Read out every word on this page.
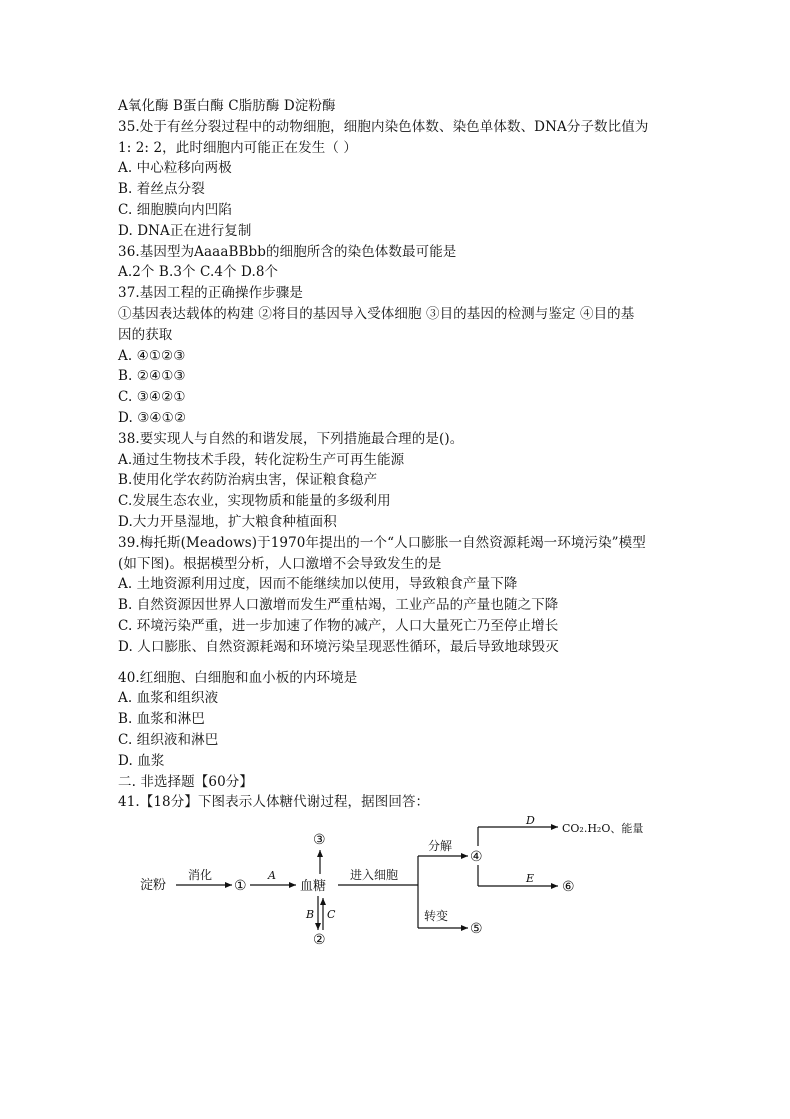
A氧化酶 B蛋白酶 C脂肪酶 D淀粉酶
35.处于有丝分裂过程中的动物细胞，细胞内染色体数、染色单体数、DNA分子数比值为
1: 2: 2，此时细胞内可能正在发生（ ）
A. 中心粒移向两极
B. 着丝点分裂
C. 细胞膜向内凹陷
D. DNA正在进行复制
36.基因型为AaaaBBbb的细胞所含的染色体数最可能是
A.2个 B.3个 C.4个 D.8个
37.基因工程的正确操作步骤是
①基因表达载体的构建 ②将目的基因导入受体细胞 ③目的基因的检测与鉴定 ④目的基
因的获取
A. ④①②③
B. ②④①③
C. ③④②①
D. ③④①②
38.要实现人与自然的和谐发展，下列措施最合理的是()。
A.通过生物技术手段，转化淀粉生产可再生能源
B.使用化学农药防治病虫害，保证粮食稳产
C.发展生态农业，实现物质和能量的多级利用
D.大力开垦湿地，扩大粮食种植面积
39.梅托斯(Meadows)于1970年提出的一个“人口膨胀一自然资源耗竭一环境污染”模型
(如下图)。根据模型分析，人口激增不会导致发生的是
A. 土地资源利用过度，因而不能继续加以使用，导致粮食产量下降
B. 自然资源因世界人口激增而发生严重枯竭，工业产品的产量也随之下降
C. 环境污染严重，进一步加速了作物的减产，人口大量死亡乃至停止增长
D. 人口膨胀、自然资源耗竭和环境污染呈现恶性循环，最后导致地球毁灭
40.红细胞、白细胞和血小板的内环境是
A. 血浆和组织液
B. 血浆和淋巴
C. 组织液和淋巴
D. 血浆
二. 非选择题【60分】
41.【18分】下图表示人体糖代谢过程，据图回答：
淀粉
消化
①
A
血糖
③
B C
②
进入细胞
分解
④
D
CO₂.H₂O、能量
E
⑥
转变
⑤
